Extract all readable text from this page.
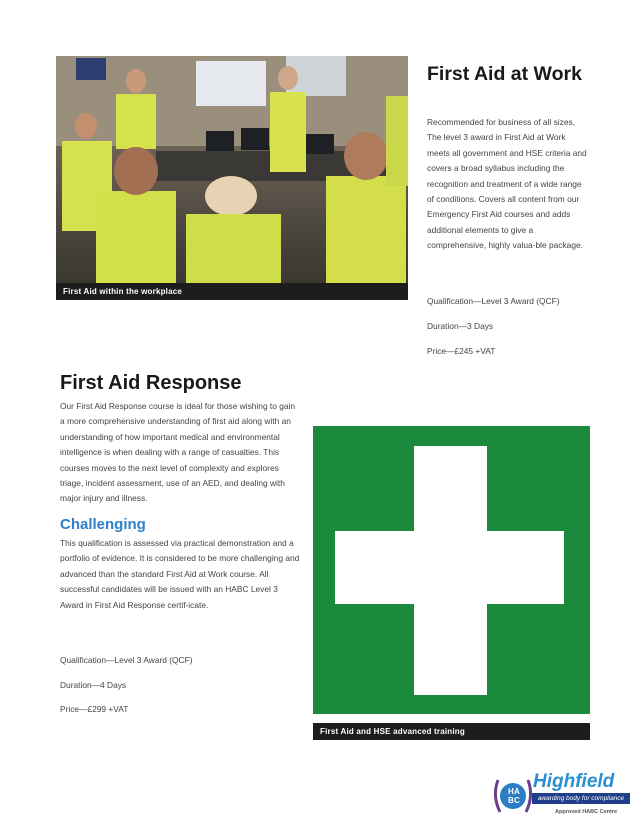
First Aid within the workplace
First Aid at Work
Recommended for business of all sizes, The level 3 award in First Aid at Work meets all government and HSE criteria and covers a broad syllabus including the recognition and treatment of a wide range of conditions. Covers all content from our Emergency First Aid courses and adds additional elements to give a comprehensive, highly valua-ble package.
Qualification—Level 3 Award (QCF)
Duration—3 Days
Price—£245 +VAT
First Aid Response
Our First Aid Response course is ideal for those wishing to gain a more comprehensive understanding of first aid along with an understanding of how important medical and environmental intelligence is when dealing with a range of casualties. This courses moves to the next level of complexity and explores triage, incident assessment, use of an AED, and dealing with major injury and illness.
Challenging
This qualification is assessed via practical demonstration and a portfolio of evidence. It is considered to be more challenging and advanced than the standard First Aid at Work course. All successful candidates will be issued with an HABC Level 3 Award in First Aid Response certif-icate.
Qualification—Level 3 Award (QCF)
Duration—4 Days
Price—£299 +VAT
First Aid and HSE advanced training
H A
B C
Highfield
awarding body for compliance
Approved HABC Centre
